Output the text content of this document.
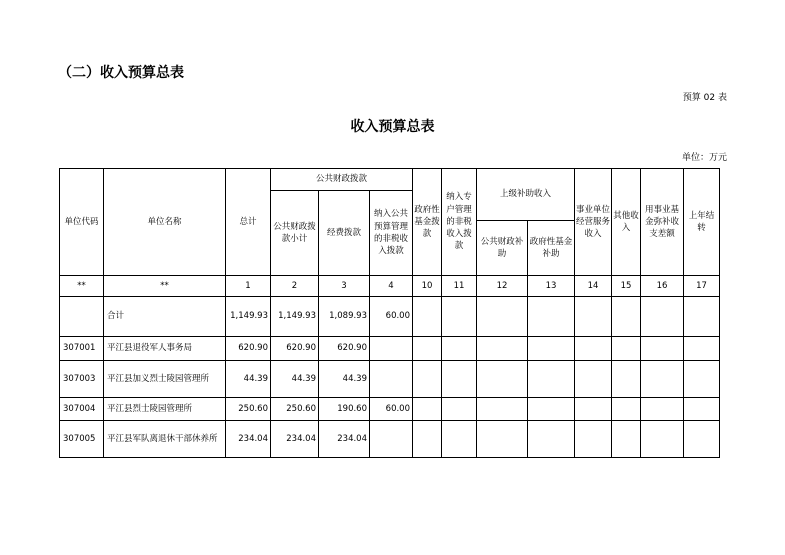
（二）收入预算总表
预算 02 表
收入预算总表
单位：万元
单位代码	单位名称	总计	公共财政拨款			政府性基金拨款	纳入专户管理的非税收入拨款	上级补助收入		事业单位经营服务收入	其他收入	用事业基金弥补收支差额	上年结转
			公共财政拨款小计	经费拨款	纳入公共预算管理的非税收入拨款								
								公共财政补助	政府性基金补助				
**	**	1	2	3	4	10	11	12	13	14	15	16	17
	合计	1,149.93	1,149.93	1,089.93	60.00								
307001	平江县退役军人事务局	620.90	620.90	620.90									
307003	平江县加义烈士陵园管理所	44.39	44.39	44.39									
307004	平江县烈士陵园管理所	250.60	250.60	190.60	60.00								
307005	平江县军队离退休干部休养所	234.04	234.04	234.04									
